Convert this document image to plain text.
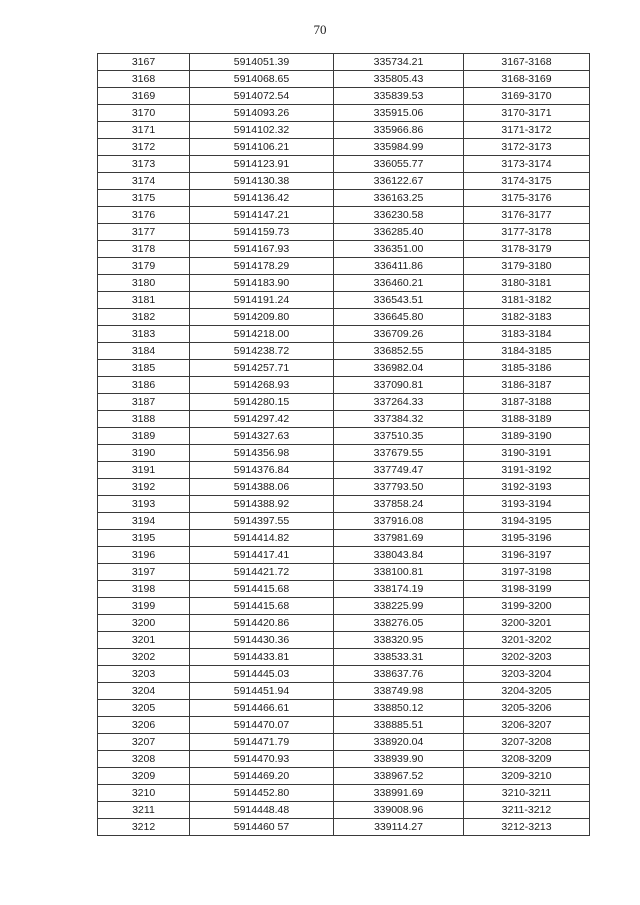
70
3167	5914051.39	335734.21	3167-3168
3168	5914068.65	335805.43	3168-3169
3169	5914072.54	335839.53	3169-3170
3170	5914093.26	335915.06	3170-3171
3171	5914102.32	335966.86	3171-3172
3172	5914106.21	335984.99	3172-3173
3173	5914123.91	336055.77	3173-3174
3174	5914130.38	336122.67	3174-3175
3175	5914136.42	336163.25	3175-3176
3176	5914147.21	336230.58	3176-3177
3177	5914159.73	336285.40	3177-3178
3178	5914167.93	336351.00	3178-3179
3179	5914178.29	336411.86	3179-3180
3180	5914183.90	336460.21	3180-3181
3181	5914191.24	336543.51	3181-3182
3182	5914209.80	336645.80	3182-3183
3183	5914218.00	336709.26	3183-3184
3184	5914238.72	336852.55	3184-3185
3185	5914257.71	336982.04	3185-3186
3186	5914268.93	337090.81	3186-3187
3187	5914280.15	337264.33	3187-3188
3188	5914297.42	337384.32	3188-3189
3189	5914327.63	337510.35	3189-3190
3190	5914356.98	337679.55	3190-3191
3191	5914376.84	337749.47	3191-3192
3192	5914388.06	337793.50	3192-3193
3193	5914388.92	337858.24	3193-3194
3194	5914397.55	337916.08	3194-3195
3195	5914414.82	337981.69	3195-3196
3196	5914417.41	338043.84	3196-3197
3197	5914421.72	338100.81	3197-3198
3198	5914415.68	338174.19	3198-3199
3199	5914415.68	338225.99	3199-3200
3200	5914420.86	338276.05	3200-3201
3201	5914430.36	338320.95	3201-3202
3202	5914433.81	338533.31	3202-3203
3203	5914445.03	338637.76	3203-3204
3204	5914451.94	338749.98	3204-3205
3205	5914466.61	338850.12	3205-3206
3206	5914470.07	338885.51	3206-3207
3207	5914471.79	338920.04	3207-3208
3208	5914470.93	338939.90	3208-3209
3209	5914469.20	338967.52	3209-3210
3210	5914452.80	338991.69	3210-3211
3211	5914448.48	339008.96	3211-3212
3212	5914460 57	339114.27	3212-3213
